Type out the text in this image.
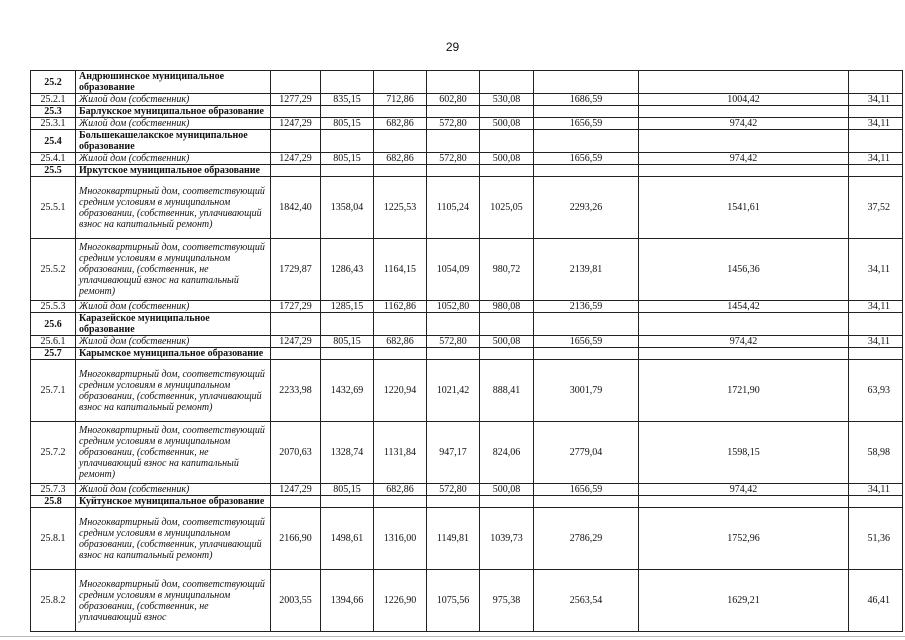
29
25.2	Андрюшинское муниципальное образование								
25.2.1	Жилой дом (собственник)	1277,29	835,15	712,86	602,80	530,08	1686,59	1004,42	34,11
25.3	Барлукское муниципальное образование								
25.3.1	Жилой дом (собственник)	1247,29	805,15	682,86	572,80	500,08	1656,59	974,42	34,11
25.4	Большекашелакское муниципальное образование								
25.4.1	Жилой дом (собственник)	1247,29	805,15	682,86	572,80	500,08	1656,59	974,42	34,11
25.5	Иркутское муниципальное образование								
25.5.1	Многоквартирный дом, соответствующий средним условиям в муниципальном образовании, (собственник, уплачивающий взнос на капитальный ремонт)	1842,40	1358,04	1225,53	1105,24	1025,05	2293,26	1541,61	37,52
25.5.2	Многоквартирный дом, соответствующий средним условиям в муниципальном образовании, (собственник, не уплачивающий взнос на капитальный ремонт)	1729,87	1286,43	1164,15	1054,09	980,72	2139,81	1456,36	34,11
25.5.3	Жилой дом (собственник)	1727,29	1285,15	1162,86	1052,80	980,08	2136,59	1454,42	34,11
25.6	Каразейское муниципальное образование								
25.6.1	Жилой дом (собственник)	1247,29	805,15	682,86	572,80	500,08	1656,59	974,42	34,11
25.7	Карымское муниципальное образование								
25.7.1	Многоквартирный дом, соответствующий средним условиям в муниципальном образовании, (собственник, уплачивающий взнос на капитальный ремонт)	2233,98	1432,69	1220,94	1021,42	888,41	3001,79	1721,90	63,93
25.7.2	Многоквартирный дом, соответствующий средним условиям в муниципальном образовании, (собственник, не уплачивающий взнос на капитальный ремонт)	2070,63	1328,74	1131,84	947,17	824,06	2779,04	1598,15	58,98
25.7.3	Жилой дом (собственник)	1247,29	805,15	682,86	572,80	500,08	1656,59	974,42	34,11
25.8	Куйтунское муниципальное образование								
25.8.1	Многоквартирный дом, соответствующий средним условиям в муниципальном образовании, (собственник, уплачивающий взнос на капитальный ремонт)	2166,90	1498,61	1316,00	1149,81	1039,73	2786,29	1752,96	51,36
25.8.2	Многоквартирный дом, соответствующий средним условиям в муниципальном образовании, (собственник, не уплачивающий взнос	2003,55	1394,66	1226,90	1075,56	975,38	2563,54	1629,21	46,41
